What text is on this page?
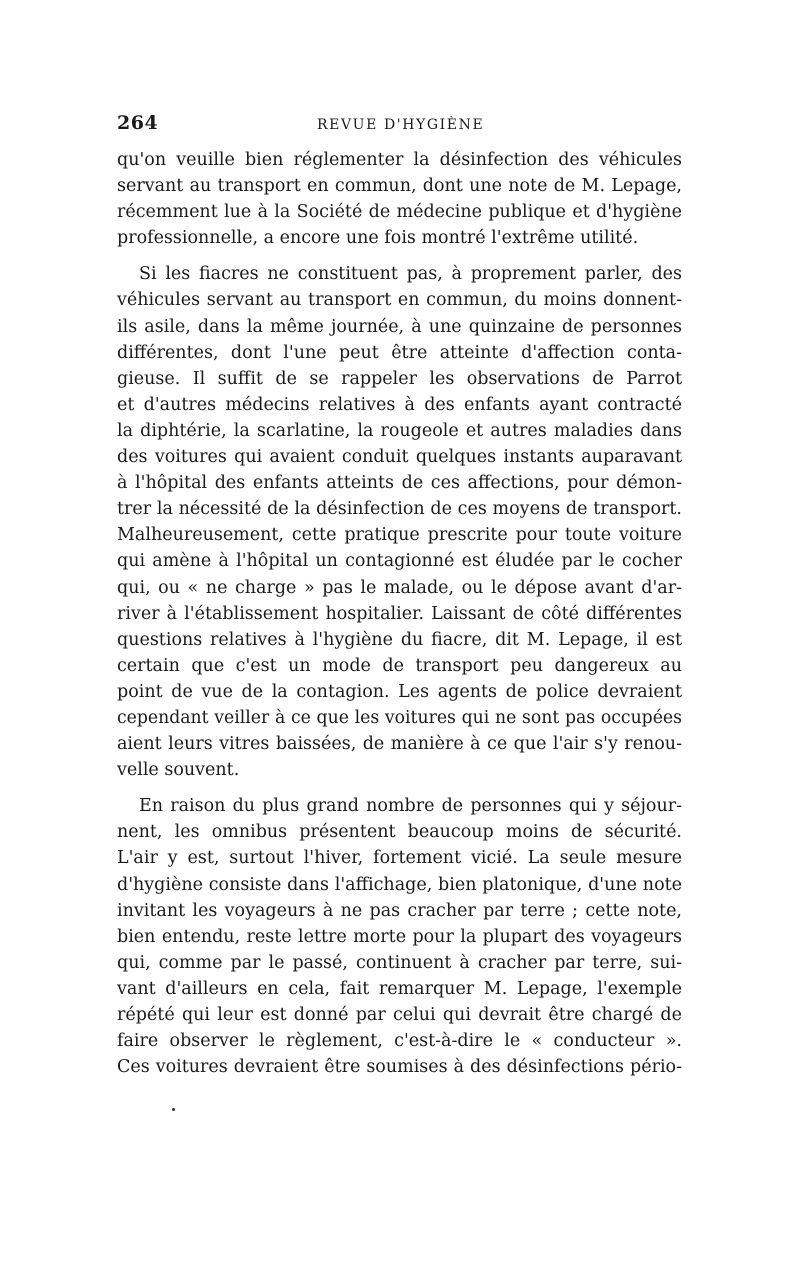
264	REVUE D'HYGIÈNE
qu'on veuille bien réglementer la désinfection des véhicules
servant au transport en commun, dont une note de M. Lepage,
récemment lue à la Société de médecine publique et d'hygiène
professionnelle, a encore une fois montré l'extrême utilité.
Si les fiacres ne constituent pas, à proprement parler, des
véhicules servant au transport en commun, du moins donnent-
ils asile, dans la même journée, à une quinzaine de personnes
différentes, dont l'une peut être atteinte d'affection conta-
gieuse. Il suffit de se rappeler les observations de Parrot
et d'autres médecins relatives à des enfants ayant contracté
la diphtérie, la scarlatine, la rougeole et autres maladies dans
des voitures qui avaient conduit quelques instants auparavant
à l'hôpital des enfants atteints de ces affections, pour démon-
trer la nécessité de la désinfection de ces moyens de transport.
Malheureusement, cette pratique prescrite pour toute voiture
qui amène à l'hôpital un contagionné est éludée par le cocher
qui, ou « ne charge » pas le malade, ou le dépose avant d'ar-
river à l'établissement hospitalier. Laissant de côté différentes
questions relatives à l'hygiène du fiacre, dit M. Lepage, il est
certain que c'est un mode de transport peu dangereux au
point de vue de la contagion. Les agents de police devraient
cependant veiller à ce que les voitures qui ne sont pas occupées
aient leurs vitres baissées, de manière à ce que l'air s'y renou-
velle souvent.
En raison du plus grand nombre de personnes qui y séjour-
nent, les omnibus présentent beaucoup moins de sécurité.
L'air y est, surtout l'hiver, fortement vicié. La seule mesure
d'hygiène consiste dans l'affichage, bien platonique, d'une note
invitant les voyageurs à ne pas cracher par terre ; cette note,
bien entendu, reste lettre morte pour la plupart des voyageurs
qui, comme par le passé, continuent à cracher par terre, sui-
vant d'ailleurs en cela, fait remarquer M. Lepage, l'exemple
répété qui leur est donné par celui qui devrait être chargé de
faire observer le règlement, c'est-à-dire le « conducteur ».
Ces voitures devraient être soumises à des désinfections pério-
